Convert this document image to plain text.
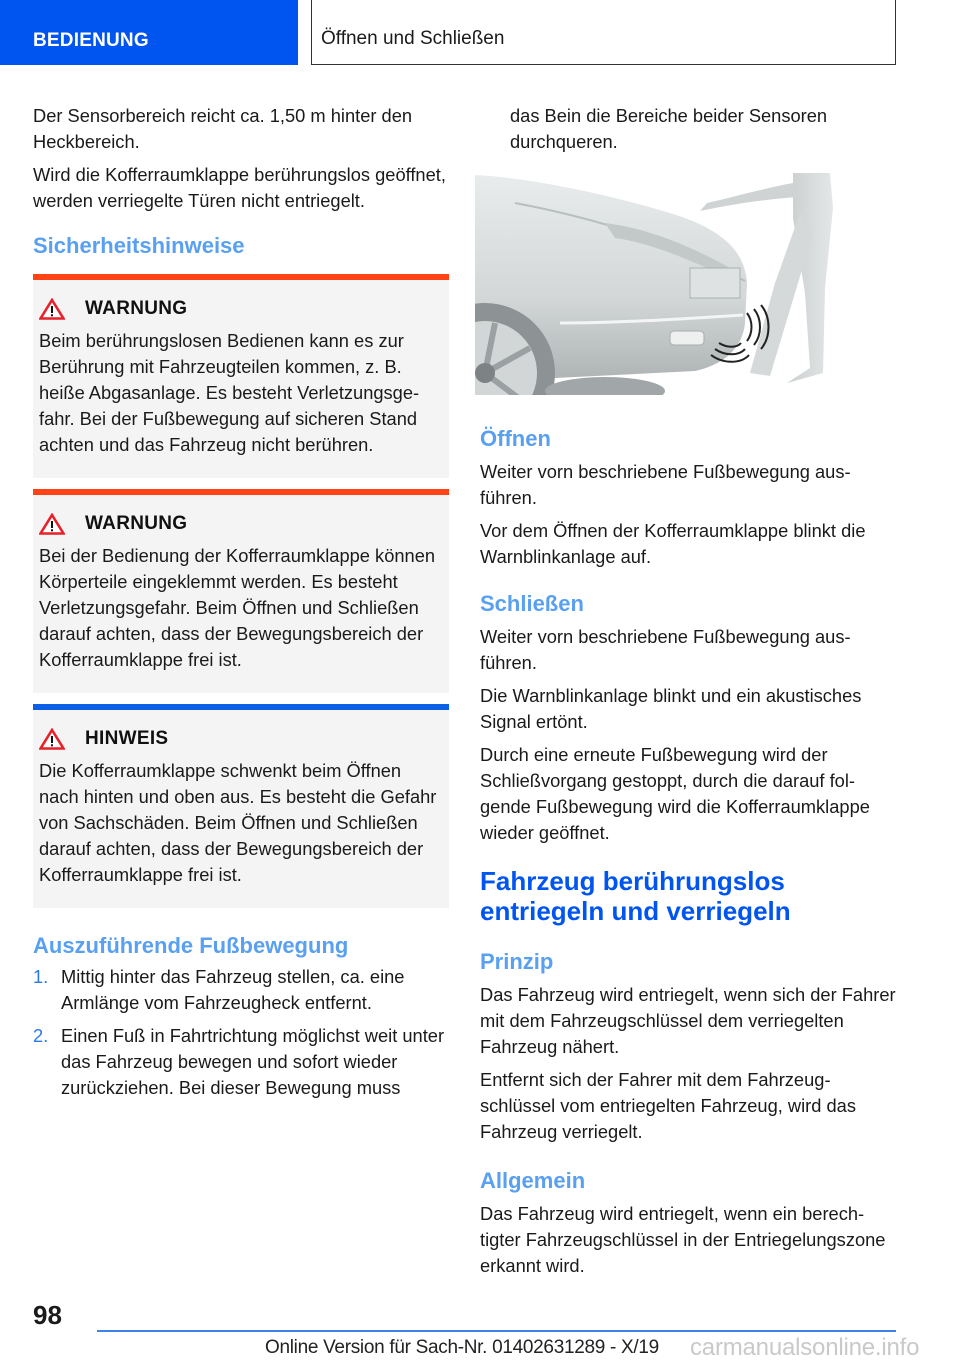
BEDIENUNG	Öffnen und Schließen

Der Sensorbereich reicht ca. 1,50 m hinter den Heckbereich.

Wird die Kofferraumklappe berührungslos geöffnet, werden verriegelte Türen nicht entriegelt.

Sicherheitshinweise
WARNUNG

Beim berührungslosen Bedienen kann es zur Berührung mit Fahrzeugteilen kommen, z. B. heiße Abgasanlage. Es besteht Verletzungsgefahr. Bei der Fußbewegung auf sicheren Stand achten und das Fahrzeug nicht berühren.

WARNUNG

Bei der Bedienung der Kofferraumklappe können Körperteile eingeklemmt werden. Es besteht Verletzungsgefahr. Beim Öffnen und Schließen darauf achten, dass der Bewegungsbereich der Kofferraumklappe frei ist.

HINWEIS

Die Kofferraumklappe schwenkt beim Öffnen nach hinten und oben aus. Es besteht die Gefahr von Sachschäden. Beim Öffnen und Schließen darauf achten, dass der Bewegungsbereich der Kofferraumklappe frei ist.

Auszuführende Fußbewegung
1. Mittig hinter das Fahrzeug stellen, ca. eine Armlänge vom Fahrzeugheck entfernt.
2. Einen Fuß in Fahrtrichtung möglichst weit unter das Fahrzeug bewegen und sofort wieder zurückziehen. Bei dieser Bewegung muss

das Bein die Bereiche beider Sensoren durchqueren.

Öffnen

Weiter vorn beschriebene Fußbewegung ausführen.

Vor dem Öffnen der Kofferraumklappe blinkt die Warnblinkanlage auf.

Schließen

Weiter vorn beschriebene Fußbewegung ausführen.

Die Warnblinkanlage blinkt und ein akustisches Signal ertönt.

Durch eine erneute Fußbewegung wird der Schließvorgang gestoppt, durch die darauf folgende Fußbewegung wird die Kofferraumklappe wieder geöffnet.

Fahrzeug berührungslos entriegeln und verriegeln
Prinzip

Das Fahrzeug wird entriegelt, wenn sich der Fahrer mit dem Fahrzeugschlüssel dem verriegelten Fahrzeug nähert.

Entfernt sich der Fahrer mit dem Fahrzeugschlüssel vom entriegelten Fahrzeug, wird das Fahrzeug verriegelt.

Allgemein

Das Fahrzeug wird entriegelt, wenn ein berechtigter Fahrzeugschlüssel in der Entriegelungszone erkannt wird.

98
Online Version für Sach-Nr. 01402631289 - X/19 carmanualsonline.info
